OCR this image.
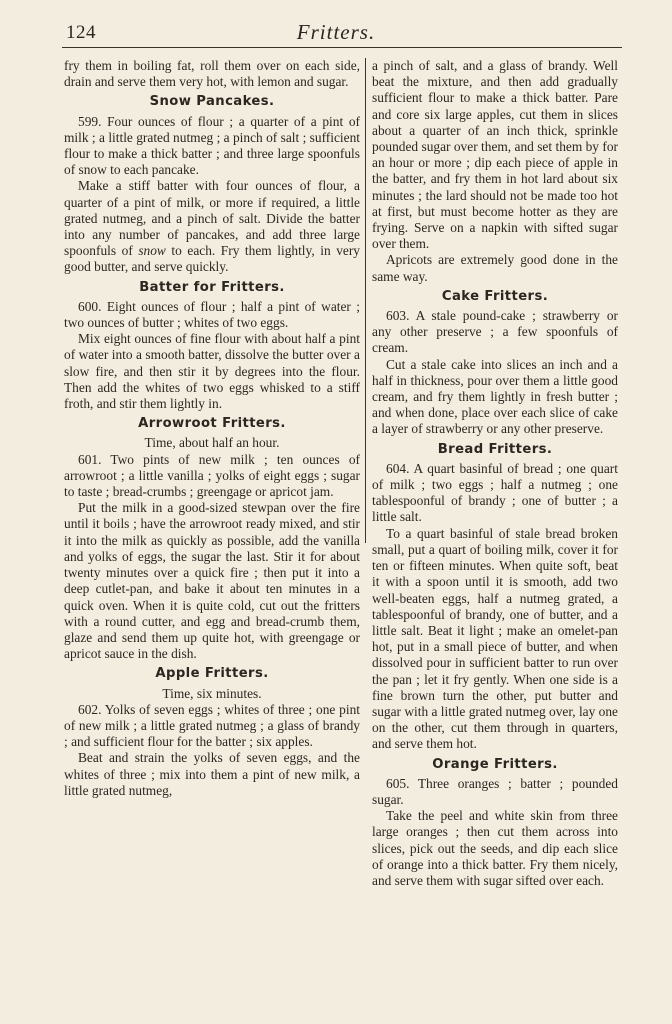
124	Fritters.

fry them in boiling fat, roll them over on each side, drain and serve them very hot, with lemon and sugar.

Snow Pancakes.

599. Four ounces of flour ; a quarter of a pint of milk ; a little grated nutmeg ; a pinch of salt ; sufficient flour to make a thick batter ; and three large spoonfuls of snow to each pancake.

Make a stiff batter with four ounces of flour, a quarter of a pint of milk, or more if required, a little grated nutmeg, and a pinch of salt. Divide the batter into any number of pancakes, and add three large spoonfuls of snow to each. Fry them lightly, in very good butter, and serve quickly.

Batter for Fritters.

600. Eight ounces of flour ; half a pint of water ; two ounces of butter ; whites of two eggs.

Mix eight ounces of fine flour with about half a pint of water into a smooth batter, dissolve the butter over a slow fire, and then stir it by degrees into the flour. Then add the whites of two eggs whisked to a stiff froth, and stir them lightly in.

Arrowroot Fritters.

Time, about half an hour.

601. Two pints of new milk ; ten ounces of arrowroot ; a little vanilla ; yolks of eight eggs ; sugar to taste ; bread-crumbs ; greengage or apricot jam.

Put the milk in a good-sized stewpan over the fire until it boils ; have the arrowroot ready mixed, and stir it into the milk as quickly as possible, add the vanilla and yolks of eggs, the sugar the last. Stir it for about twenty minutes over a quick fire ; then put it into a deep cutlet-pan, and bake it about ten minutes in a quick oven. When it is quite cold, cut out the fritters with a round cutter, and egg and bread-crumb them, glaze and send them up quite hot, with greengage or apricot sauce in the dish.

Apple Fritters.

Time, six minutes.

602. Yolks of seven eggs ; whites of three ; one pint of new milk ; a little grated nutmeg ; a glass of brandy ; and sufficient flour for the batter ; six apples.

Beat and strain the yolks of seven eggs, and the whites of three ; mix into them a pint of new milk, a little grated nutmeg,

a pinch of salt, and a glass of brandy. Well beat the mixture, and then add gradually sufficient flour to make a thick batter. Pare and core six large apples, cut them in slices about a quarter of an inch thick, sprinkle pounded sugar over them, and set them by for an hour or more ; dip each piece of apple in the batter, and fry them in hot lard about six minutes ; the lard should not be made too hot at first, but must become hotter as they are frying. Serve on a napkin with sifted sugar over them.

Apricots are extremely good done in the same way.

Cake Fritters.

603. A stale pound-cake ; strawberry or any other preserve ; a few spoonfuls of cream.

Cut a stale cake into slices an inch and a half in thickness, pour over them a little good cream, and fry them lightly in fresh butter ; and when done, place over each slice of cake a layer of strawberry or any other preserve.

Bread Fritters.

604. A quart basinful of bread ; one quart of milk ; two eggs ; half a nutmeg ; one tablespoonful of brandy ; one of butter ; a little salt.

To a quart basinful of stale bread broken small, put a quart of boiling milk, cover it for ten or fifteen minutes. When quite soft, beat it with a spoon until it is smooth, add two well-beaten eggs, half a nutmeg grated, a tablespoonful of brandy, one of butter, and a little salt. Beat it light ; make an omelet-pan hot, put in a small piece of butter, and when dissolved pour in sufficient batter to run over the pan ; let it fry gently. When one side is a fine brown turn the other, put butter and sugar with a little grated nutmeg over, lay one on the other, cut them through in quarters, and serve them hot.

Orange Fritters.

605. Three oranges ; batter ; pounded sugar.

Take the peel and white skin from three large oranges ; then cut them across into slices, pick out the seeds, and dip each slice of orange into a thick batter. Fry them nicely, and serve them with sugar sifted over each.
